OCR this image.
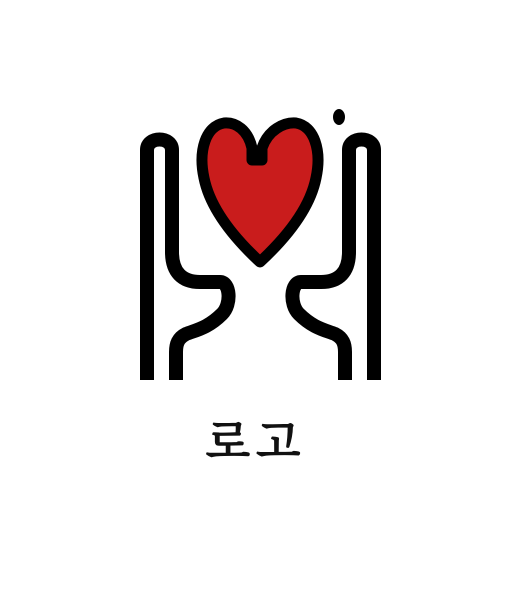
로고
